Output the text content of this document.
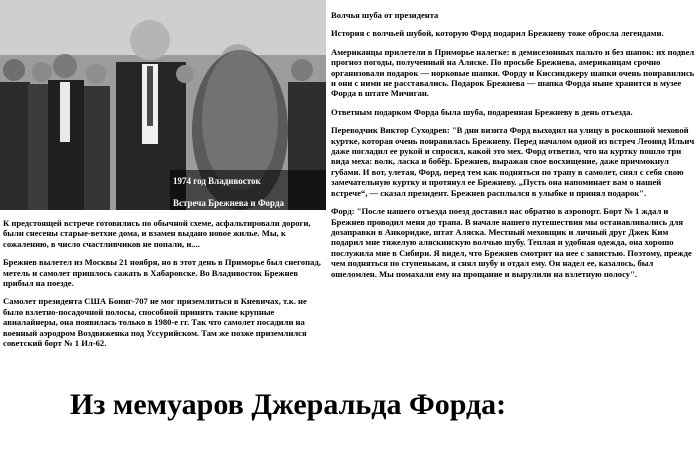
1974 год Владивосток
Встреча Брежнева и Форда

Волчья шуба от президента

История с волчьей шубой, которую Форд подарил Брежневу тоже обросла легендами.

Американцы прилетели в Приморье налегке: в демисезонных пальто и без шапок: их подвел прогноз погоды, полученный на Аляске. По просьбе Брежнева, американцам срочно организовали подарок — норковые шапки. Форду и Киссинджеру шапки очень понравились и они с ними не расставались. Подарок Брежнева — шапка Форда ныне хранится в музее Форда в штате Мичиган.

Ответным подарком Форда была шуба, подаренная Брежневу в день отъезда.

Переводчик Виктор Суходрев: "В дни визита Форд выходил на улицу в роскошной меховой куртке, которая очень понравилась Брежневу. Перед началом одной из встреч Леонид Ильич даже погладил ее рукой и спросил, какой это мех. Форд ответил, что на куртку пошло три вида меха: волк, ласка и бобёр. Брежнев, выражая свое восхищение, даже причмокнул губами. И вот, улетая, Форд, перед тем как подняться по трапу в самолет, снял с себя свою замечательную куртку и протянул ее Брежневу. „Пусть она напоминает вам о нашей встрече“, — сказал президент. Брежнев расплылся в улыбке и принял подарок".

Форд: "После нашего отъезда поезд доставил нас обратно в аэропорт. Борт № 1 ждал и Брежнев проводил меня до трапа. В начале нашего путешествия мы останавливались для дозаправки в Анкоридже, штат Аляска. Местный меховщик и личный друг Джек Ким подарил мне тяжелую аляскинскую волчью шубу. Теплая и удобная одежда, она хорошо послужила мне в Сибири. Я видел, что Брежнев смотрит на нее с завистью. Поэтому, прежде чем подняться по ступенькам, я снял шубу и отдал ему. Он надел ее, казалось, был ошеломлен. Мы помахали ему на прощание и вырулили на взлетную полосу".

К предстоящей встрече готовились по обычной схеме, асфальтировали дороги, были снесены старые-ветхие дома, и взамен выдано новое жилье. Мы, к сожалению, в число счастливчиков не попали, и....

Брежнев вылетел из Москвы 21 ноября, но в этот день в Приморье был снегопад, метель и самолет пришлось сажать в Хабаровске. Во Владивосток Брежнев прибыл на поезде.

Самолет президента США Боинг-707 не мог приземлиться в Кневичах, т.к. не было взлетно-посадочной полосы, способной принять такие крупные авиалайнеры, она появилась только в 1980-е гг. Так что самолет посадили на военный аэродром Воздвиженка под Уссурийском. Там же позже приземлился советский борт № 1 Ил-62.

Из мемуаров Джеральда Форда:
